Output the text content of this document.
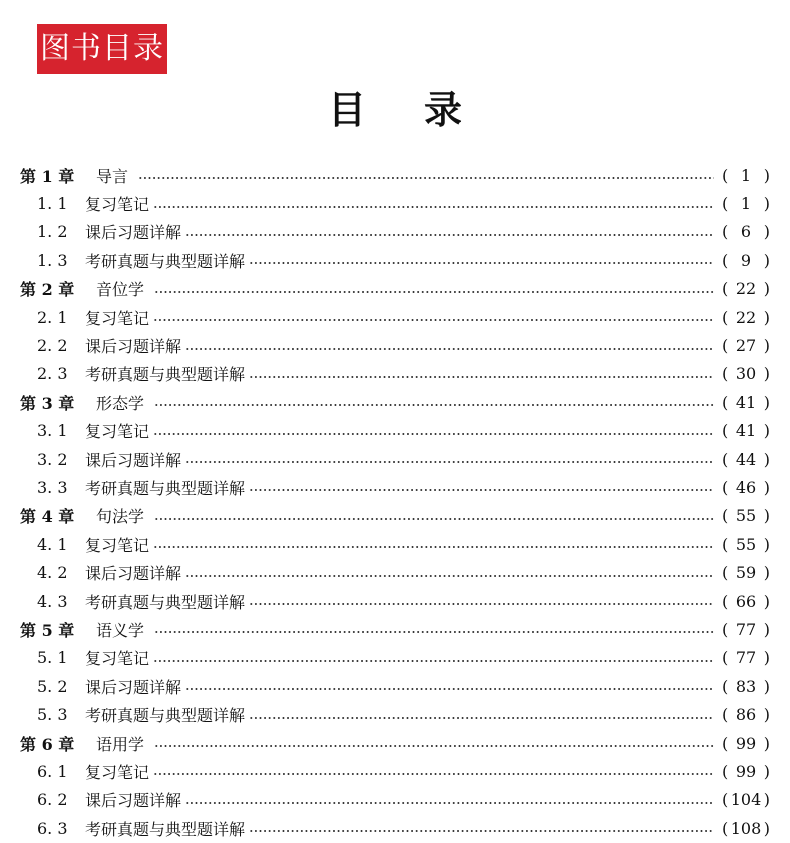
图书目录
目 录
第 1 章	导言	( 1 )
1. 1	复习笔记	( 1 )
1. 2	课后习题详解	( 6 )
1. 3	考研真题与典型题详解	( 9 )
第 2 章	音位学	( 22 )
2. 1	复习笔记	( 22 )
2. 2	课后习题详解	( 27 )
2. 3	考研真题与典型题详解	( 30 )
第 3 章	形态学	( 41 )
3. 1	复习笔记	( 41 )
3. 2	课后习题详解	( 44 )
3. 3	考研真题与典型题详解	( 46 )
第 4 章	句法学	( 55 )
4. 1	复习笔记	( 55 )
4. 2	课后习题详解	( 59 )
4. 3	考研真题与典型题详解	( 66 )
第 5 章	语义学	( 77 )
5. 1	复习笔记	( 77 )
5. 2	课后习题详解	( 83 )
5. 3	考研真题与典型题详解	( 86 )
第 6 章	语用学	( 99 )
6. 1	复习笔记	( 99 )
6. 2	课后习题详解	( 104 )
6. 3	考研真题与典型题详解	( 108 )
